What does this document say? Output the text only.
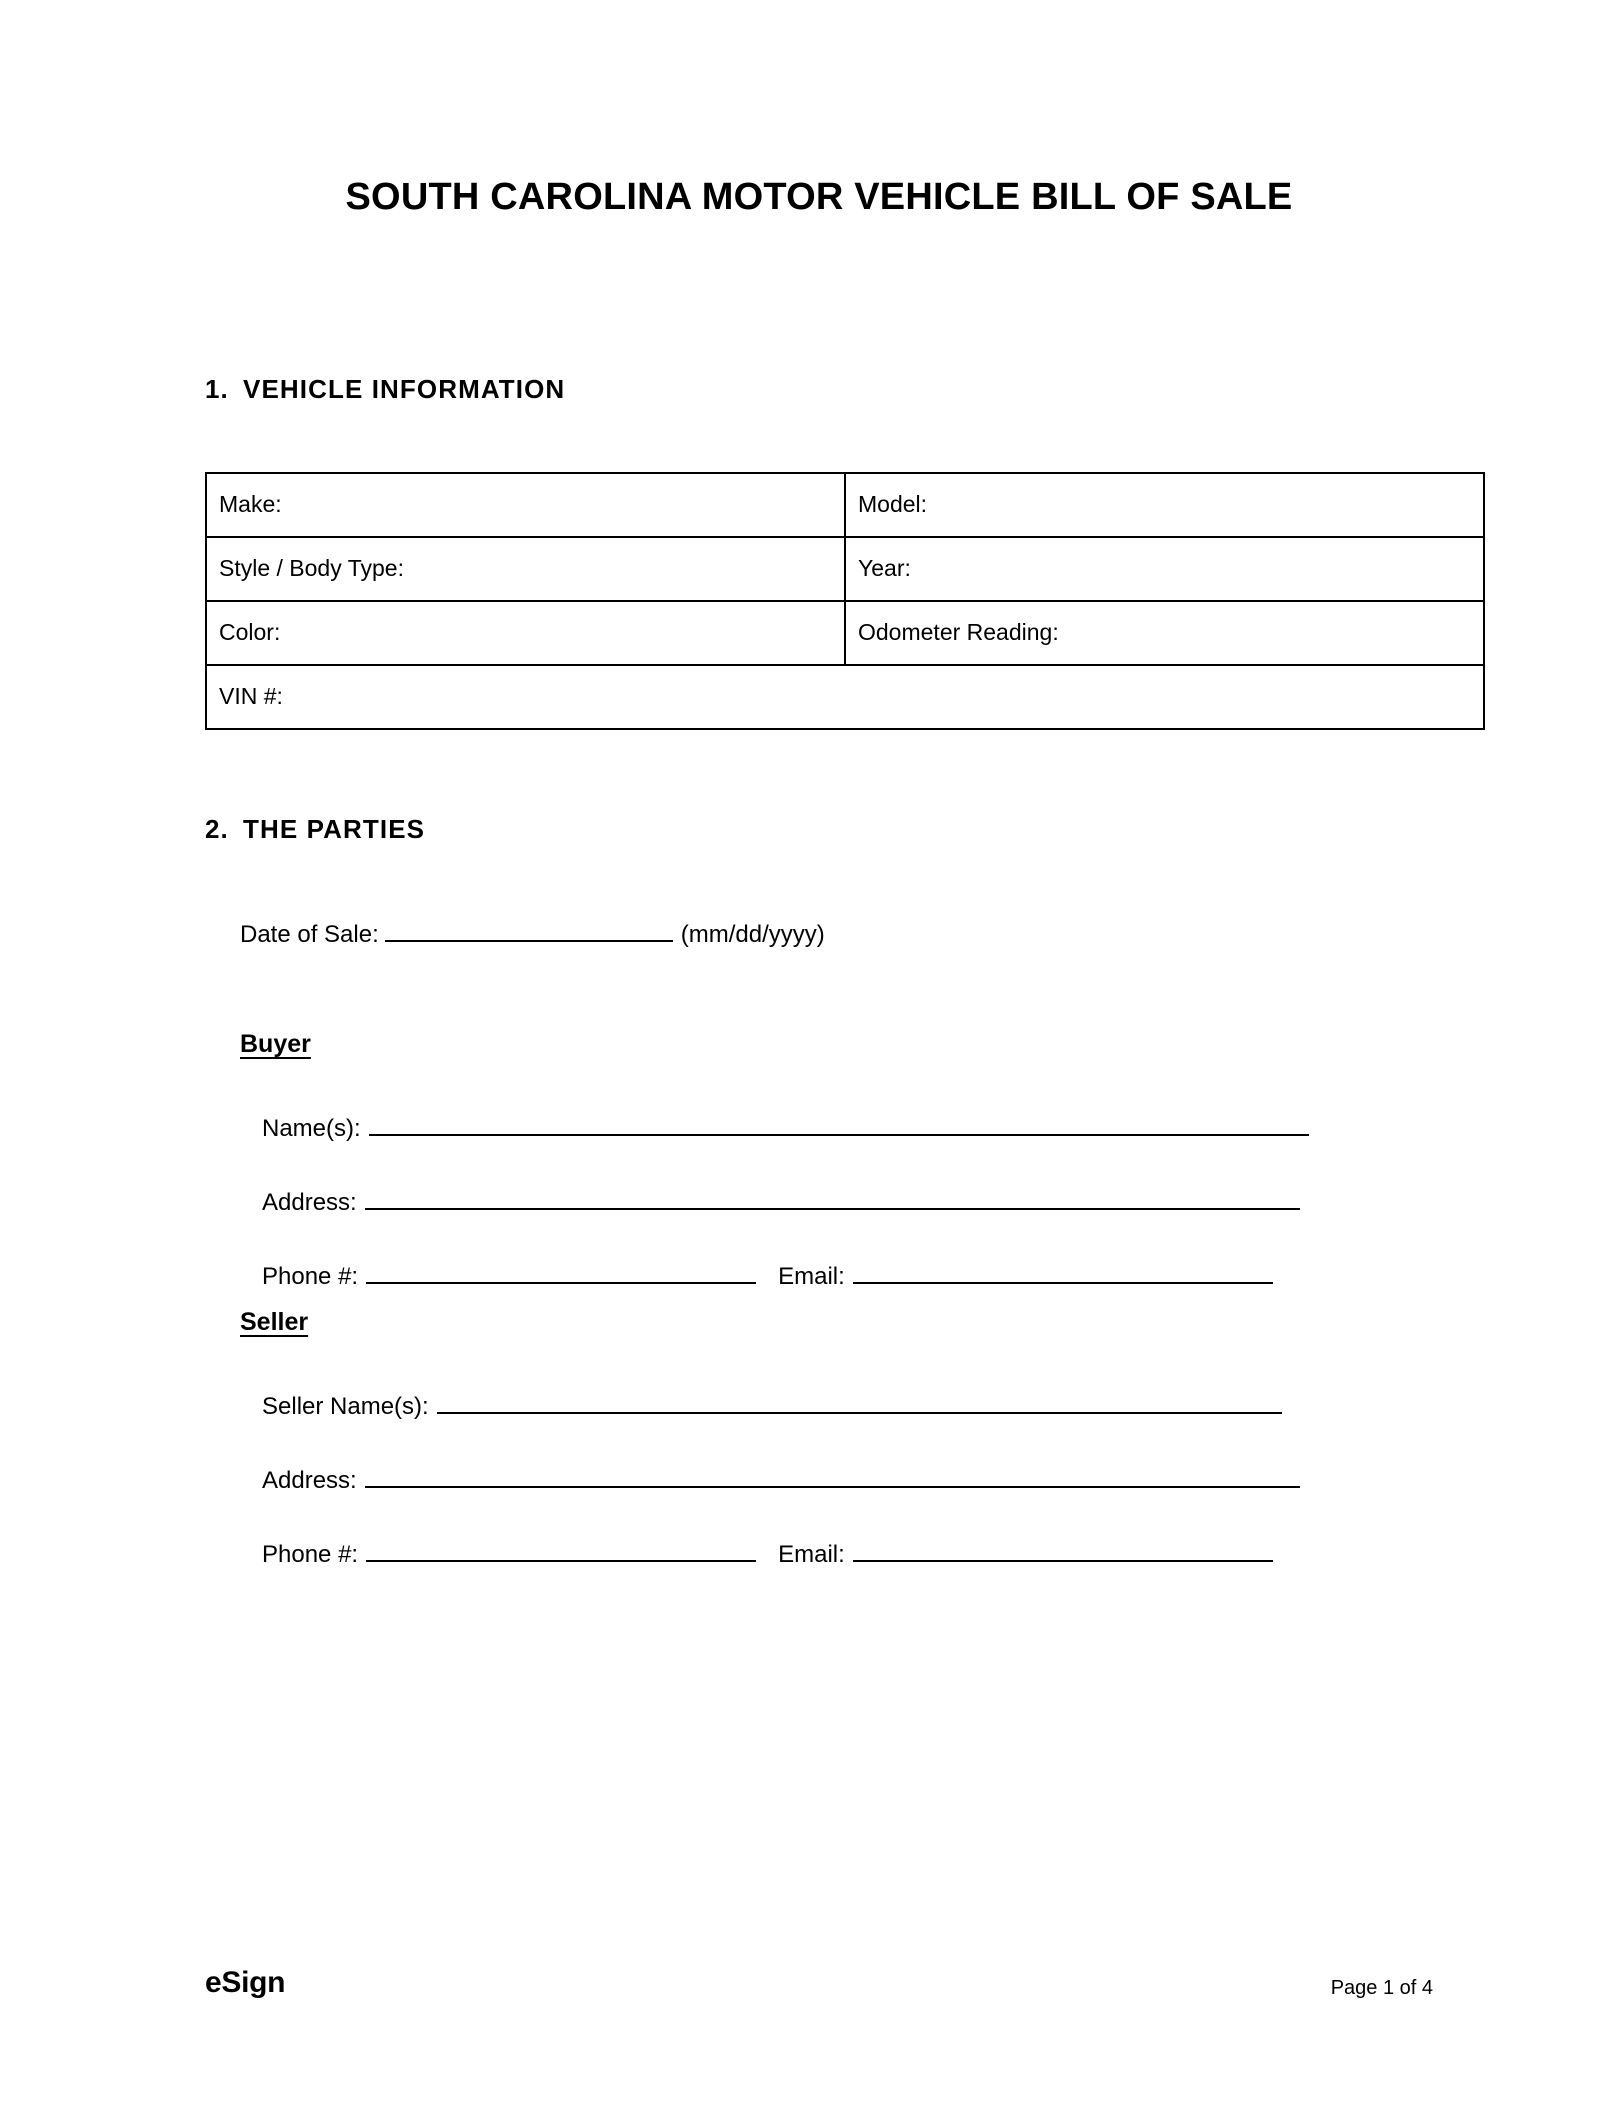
SOUTH CAROLINA MOTOR VEHICLE BILL OF SALE
1. VEHICLE INFORMATION
Make:	Model:
Style / Body Type:	Year:
Color:	Odometer Reading:
VIN #:	
2. THE PARTIES
Date of Sale:	(mm/dd/yyyy)
Buyer
Name(s):
Address:
Phone #:	Email:
Seller
Seller Name(s):
Address:
Phone #:	Email:
eSign	Page 1 of 4
